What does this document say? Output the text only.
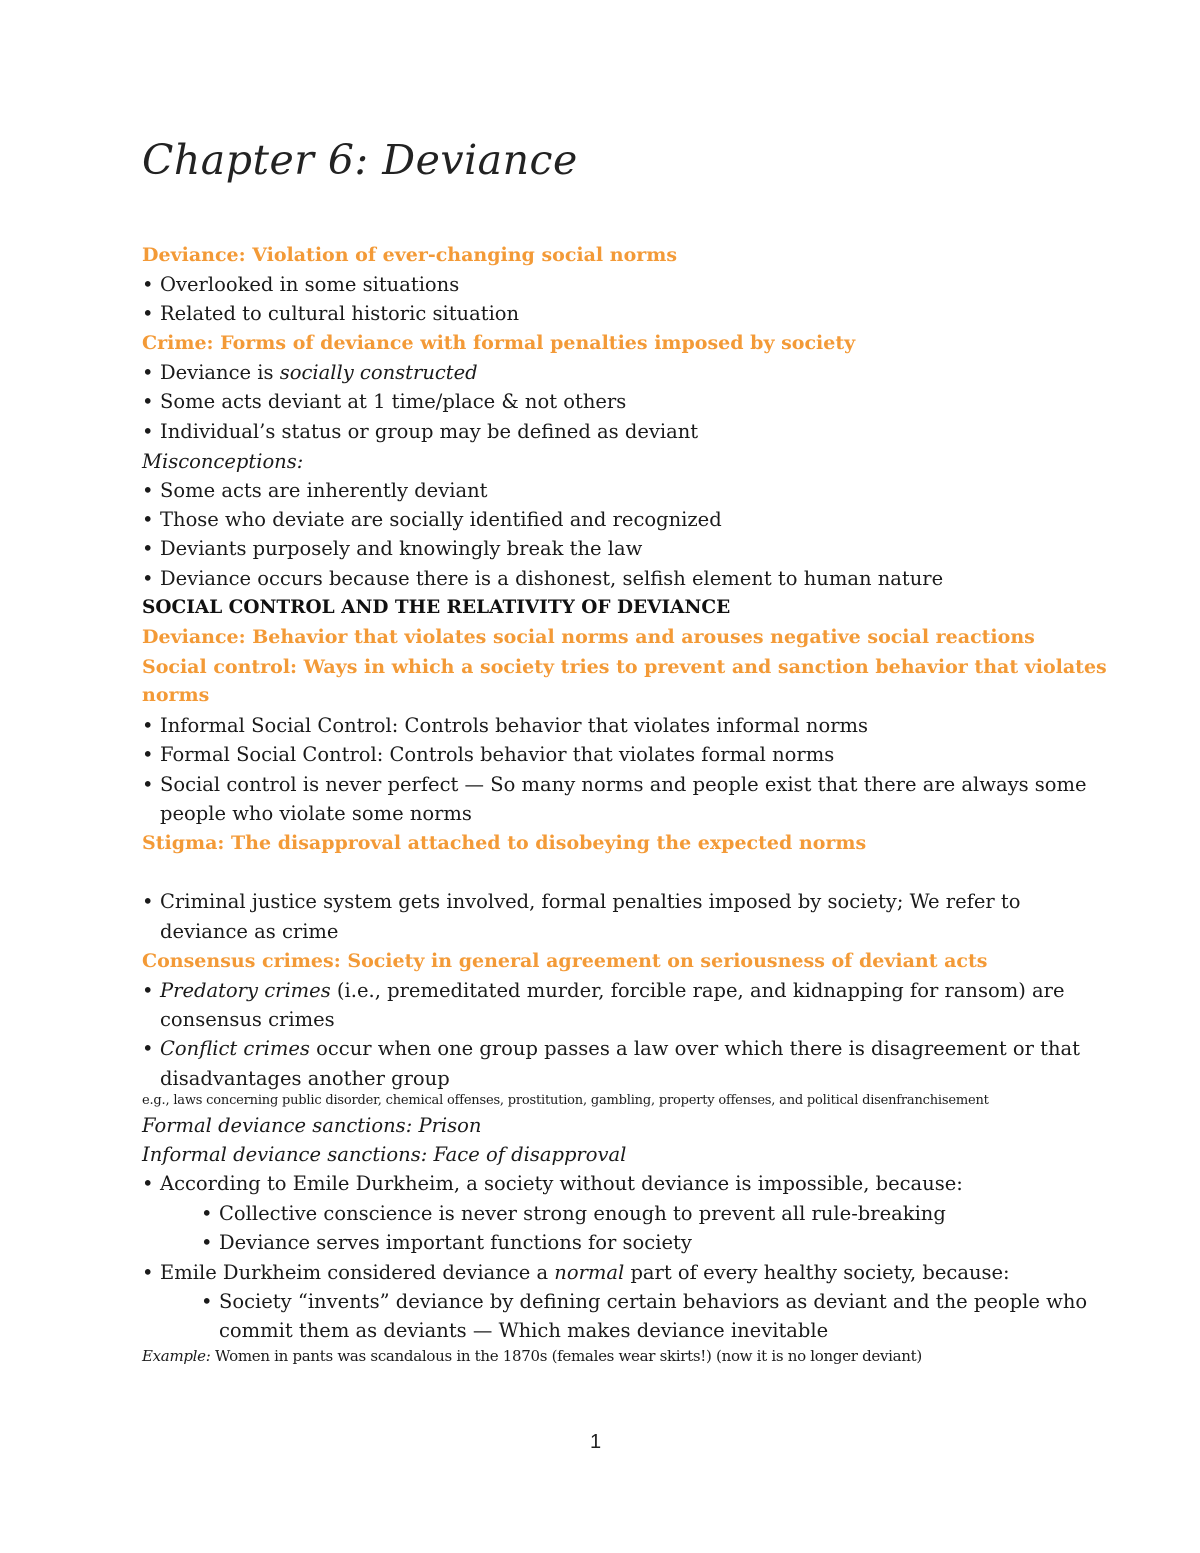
Chapter 6: Deviance
Deviance: Violation of ever-changing social norms
• Overlooked in some situations
• Related to cultural historic situation
Crime: Forms of deviance with formal penalties imposed by society
• Deviance is socially constructed
• Some acts deviant at 1 time/place & not others
• Individual’s status or group may be defined as deviant
Misconceptions:
• Some acts are inherently deviant
• Those who deviate are socially identified and recognized
• Deviants purposely and knowingly break the law
• Deviance occurs because there is a dishonest, selfish element to human nature
SOCIAL CONTROL AND THE RELATIVITY OF DEVIANCE
Deviance: Behavior that violates social norms and arouses negative social reactions
Social control: Ways in which a society tries to prevent and sanction behavior that violates
norms
• Informal Social Control: Controls behavior that violates informal norms
• Formal Social Control: Controls behavior that violates formal norms
• Social control is never perfect — So many norms and people exist that there are always some
people who violate some norms
Stigma: The disapproval attached to disobeying the expected norms
• Criminal justice system gets involved, formal penalties imposed by society; We refer to
deviance as crime
Consensus crimes: Society in general agreement on seriousness of deviant acts
• Predatory crimes (i.e., premeditated murder, forcible rape, and kidnapping for ransom) are
consensus crimes
• Conflict crimes occur when one group passes a law over which there is disagreement or that
disadvantages another group
e.g., laws concerning public disorder, chemical offenses, prostitution, gambling, property offenses, and political disenfranchisement
Formal deviance sanctions: Prison
Informal deviance sanctions: Face of disapproval
• According to Emile Durkheim, a society without deviance is impossible, because:
• Collective conscience is never strong enough to prevent all rule-breaking
• Deviance serves important functions for society
• Emile Durkheim considered deviance a normal part of every healthy society, because:
• Society “invents” deviance by defining certain behaviors as deviant and the people who
commit them as deviants — Which makes deviance inevitable
Example: Women in pants was scandalous in the 1870s (females wear skirts!) (now it is no longer deviant)
1
